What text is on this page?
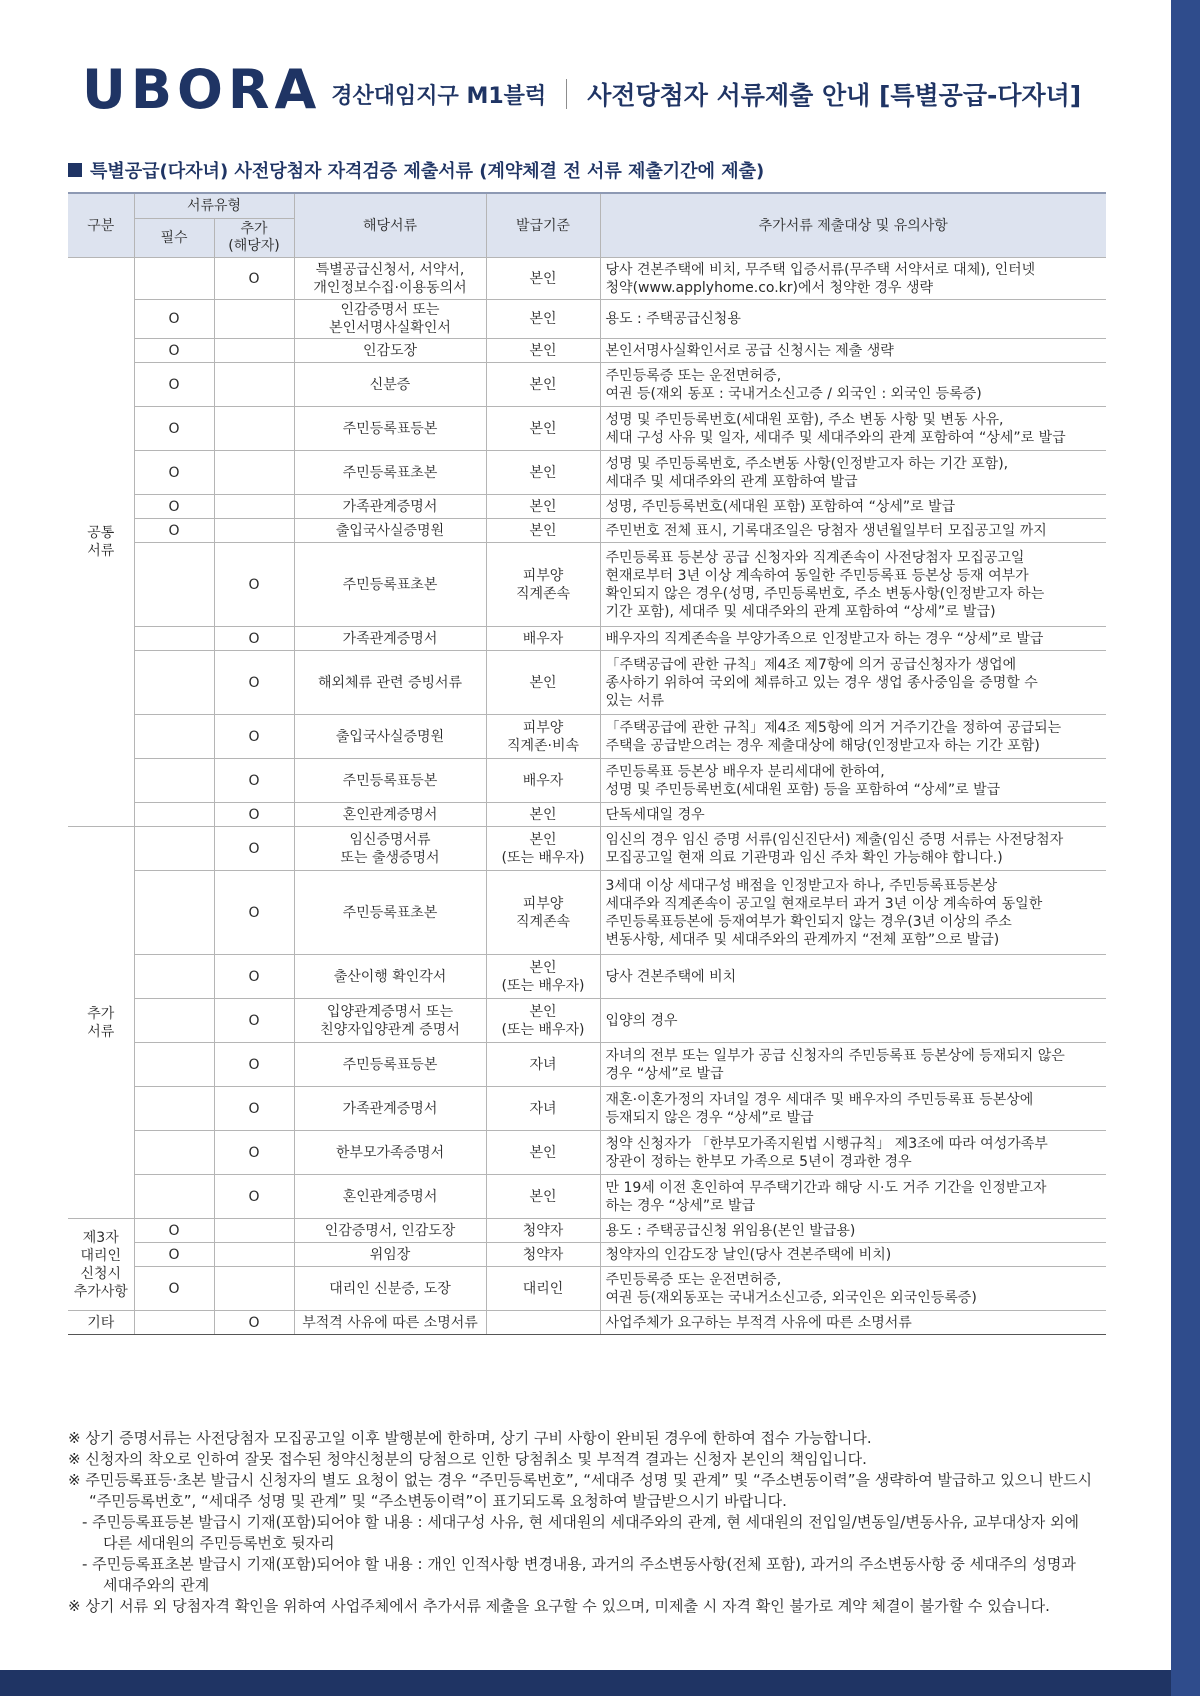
UBORA 경산대임지구 M1블럭 사전당첨자 서류제출 안내 [특별공급-다자녀]
특별공급(다자녀) 사전당첨자 자격검증 제출서류 (계약체결 전 서류 제출기간에 제출)
구분	서류유형		해당서류	발급기준	추가서류 제출대상 및 유의사항
	필수	추가
(해당자)			
공통
서류		O	특별공급신청서, 서약서,
개인정보수집·이용동의서	본인	당사 견본주택에 비치, 무주택 입증서류(무주택 서약서로 대체), 인터넷
청약(www.applyhome.co.kr)에서 청약한 경우 생략
	O		인감증명서 또는
본인서명사실확인서	본인	용도 : 주택공급신청용
	O		인감도장	본인	본인서명사실확인서로 공급 신청시는 제출 생략
	O		신분증	본인	주민등록증 또는 운전면허증,
여권 등(재외 동포 : 국내거소신고증 / 외국인 : 외국인 등록증)
	O		주민등록표등본	본인	성명 및 주민등록번호(세대원 포함), 주소 변동 사항 및 변동 사유,
세대 구성 사유 및 일자, 세대주 및 세대주와의 관계 포함하여 “상세”로 발급
	O		주민등록표초본	본인	성명 및 주민등록번호, 주소변동 사항(인정받고자 하는 기간 포함),
세대주 및 세대주와의 관계 포함하여 발급
	O		가족관계증명서	본인	성명, 주민등록번호(세대원 포함) 포함하여 “상세”로 발급
	O		출입국사실증명원	본인	주민번호 전체 표시, 기록대조일은 당첨자 생년월일부터 모집공고일 까지
		O	주민등록표초본	피부양
직계존속	주민등록표 등본상 공급 신청자와 직계존속이 사전당첨자 모집공고일
현재로부터 3년 이상 계속하여 동일한 주민등록표 등본상 등재 여부가
확인되지 않은 경우(성명, 주민등록번호, 주소 변동사항(인정받고자 하는
기간 포함), 세대주 및 세대주와의 관계 포함하여 “상세”로 발급)
		O	가족관계증명서	배우자	배우자의 직계존속을 부양가족으로 인정받고자 하는 경우 “상세”로 발급
		O	해외체류 관련 증빙서류	본인	「주택공급에 관한 규칙」제4조 제7항에 의거 공급신청자가 생업에
종사하기 위하여 국외에 체류하고 있는 경우 생업 종사중임을 증명할 수
있는 서류
		O	출입국사실증명원	피부양
직계존·비속	「주택공급에 관한 규칙」제4조 제5항에 의거 거주기간을 정하여 공급되는
주택을 공급받으려는 경우 제출대상에 해당(인정받고자 하는 기간 포함)
		O	주민등록표등본	배우자	주민등록표 등본상 배우자 분리세대에 한하여,
성명 및 주민등록번호(세대원 포함) 등을 포함하여 “상세”로 발급
		O	혼인관계증명서	본인	단독세대일 경우
추가
서류		O	임신증명서류
또는 출생증명서	본인
(또는 배우자)	임신의 경우 임신 증명 서류(임신진단서) 제출(임신 증명 서류는 사전당첨자
모집공고일 현재 의료 기관명과 임신 주차 확인 가능해야 합니다.)
		O	주민등록표초본	피부양
직계존속	3세대 이상 세대구성 배점을 인정받고자 하나, 주민등록표등본상
세대주와 직계존속이 공고일 현재로부터 과거 3년 이상 계속하여 동일한
주민등록표등본에 등재여부가 확인되지 않는 경우(3년 이상의 주소
변동사항, 세대주 및 세대주와의 관계까지 “전체 포함”으로 발급)
		O	출산이행 확인각서	본인
(또는 배우자)	당사 견본주택에 비치
		O	입양관계증명서 또는
친양자입양관계 증명서	본인
(또는 배우자)	입양의 경우
		O	주민등록표등본	자녀	자녀의 전부 또는 일부가 공급 신청자의 주민등록표 등본상에 등재되지 않은
경우 “상세”로 발급
		O	가족관계증명서	자녀	재혼·이혼가정의 자녀일 경우 세대주 및 배우자의 주민등록표 등본상에
등재되지 않은 경우 “상세”로 발급
		O	한부모가족증명서	본인	청약 신청자가 「한부모가족지원법 시행규칙」 제3조에 따라 여성가족부
장관이 정하는 한부모 가족으로 5년이 경과한 경우
		O	혼인관계증명서	본인	만 19세 이전 혼인하여 무주택기간과 해당 시·도 거주 기간을 인정받고자
하는 경우 “상세”로 발급
제3자
대리인
신청시
추가사항	O		인감증명서, 인감도장	청약자	용도 : 주택공급신청 위임용(본인 발급용)
	O		위임장	청약자	청약자의 인감도장 날인(당사 견본주택에 비치)
	O		대리인 신분증, 도장	대리인	주민등록증 또는 운전면허증,
여권 등(재외동포는 국내거소신고증, 외국인은 외국인등록증)
기타		O	부적격 사유에 따른 소명서류		사업주체가 요구하는 부적격 사유에 따른 소명서류

※ 상기 증명서류는 사전당첨자 모집공고일 이후 발행분에 한하며, 상기 구비 사항이 완비된 경우에 한하여 접수 가능합니다.

※ 신청자의 착오로 인하여 잘못 접수된 청약신청분의 당첨으로 인한 당첨취소 및 부적격 결과는 신청자 본인의 책임입니다.

※ 주민등록표등·초본 발급시 신청자의 별도 요청이 없는 경우 “주민등록번호”, “세대주 성명 및 관계” 및 “주소변동이력”을 생략하여 발급하고 있으니 반드시
“주민등록번호”, “세대주 성명 및 관계” 및 “주소변동이력”이 표기되도록 요청하여 발급받으시기 바랍니다.

- 주민등록표등본 발급시 기재(포함)되어야 할 내용 : 세대구성 사유, 현 세대원의 세대주와의 관계, 현 세대원의 전입일/변동일/변동사유, 교부대상자 외에
다른 세대원의 주민등록번호 뒷자리

- 주민등록표초본 발급시 기재(포함)되어야 할 내용 : 개인 인적사항 변경내용, 과거의 주소변동사항(전체 포함), 과거의 주소변동사항 중 세대주의 성명과
세대주와의 관계

※ 상기 서류 외 당첨자격 확인을 위하여 사업주체에서 추가서류 제출을 요구할 수 있으며, 미제출 시 자격 확인 불가로 계약 체결이 불가할 수 있습니다.
